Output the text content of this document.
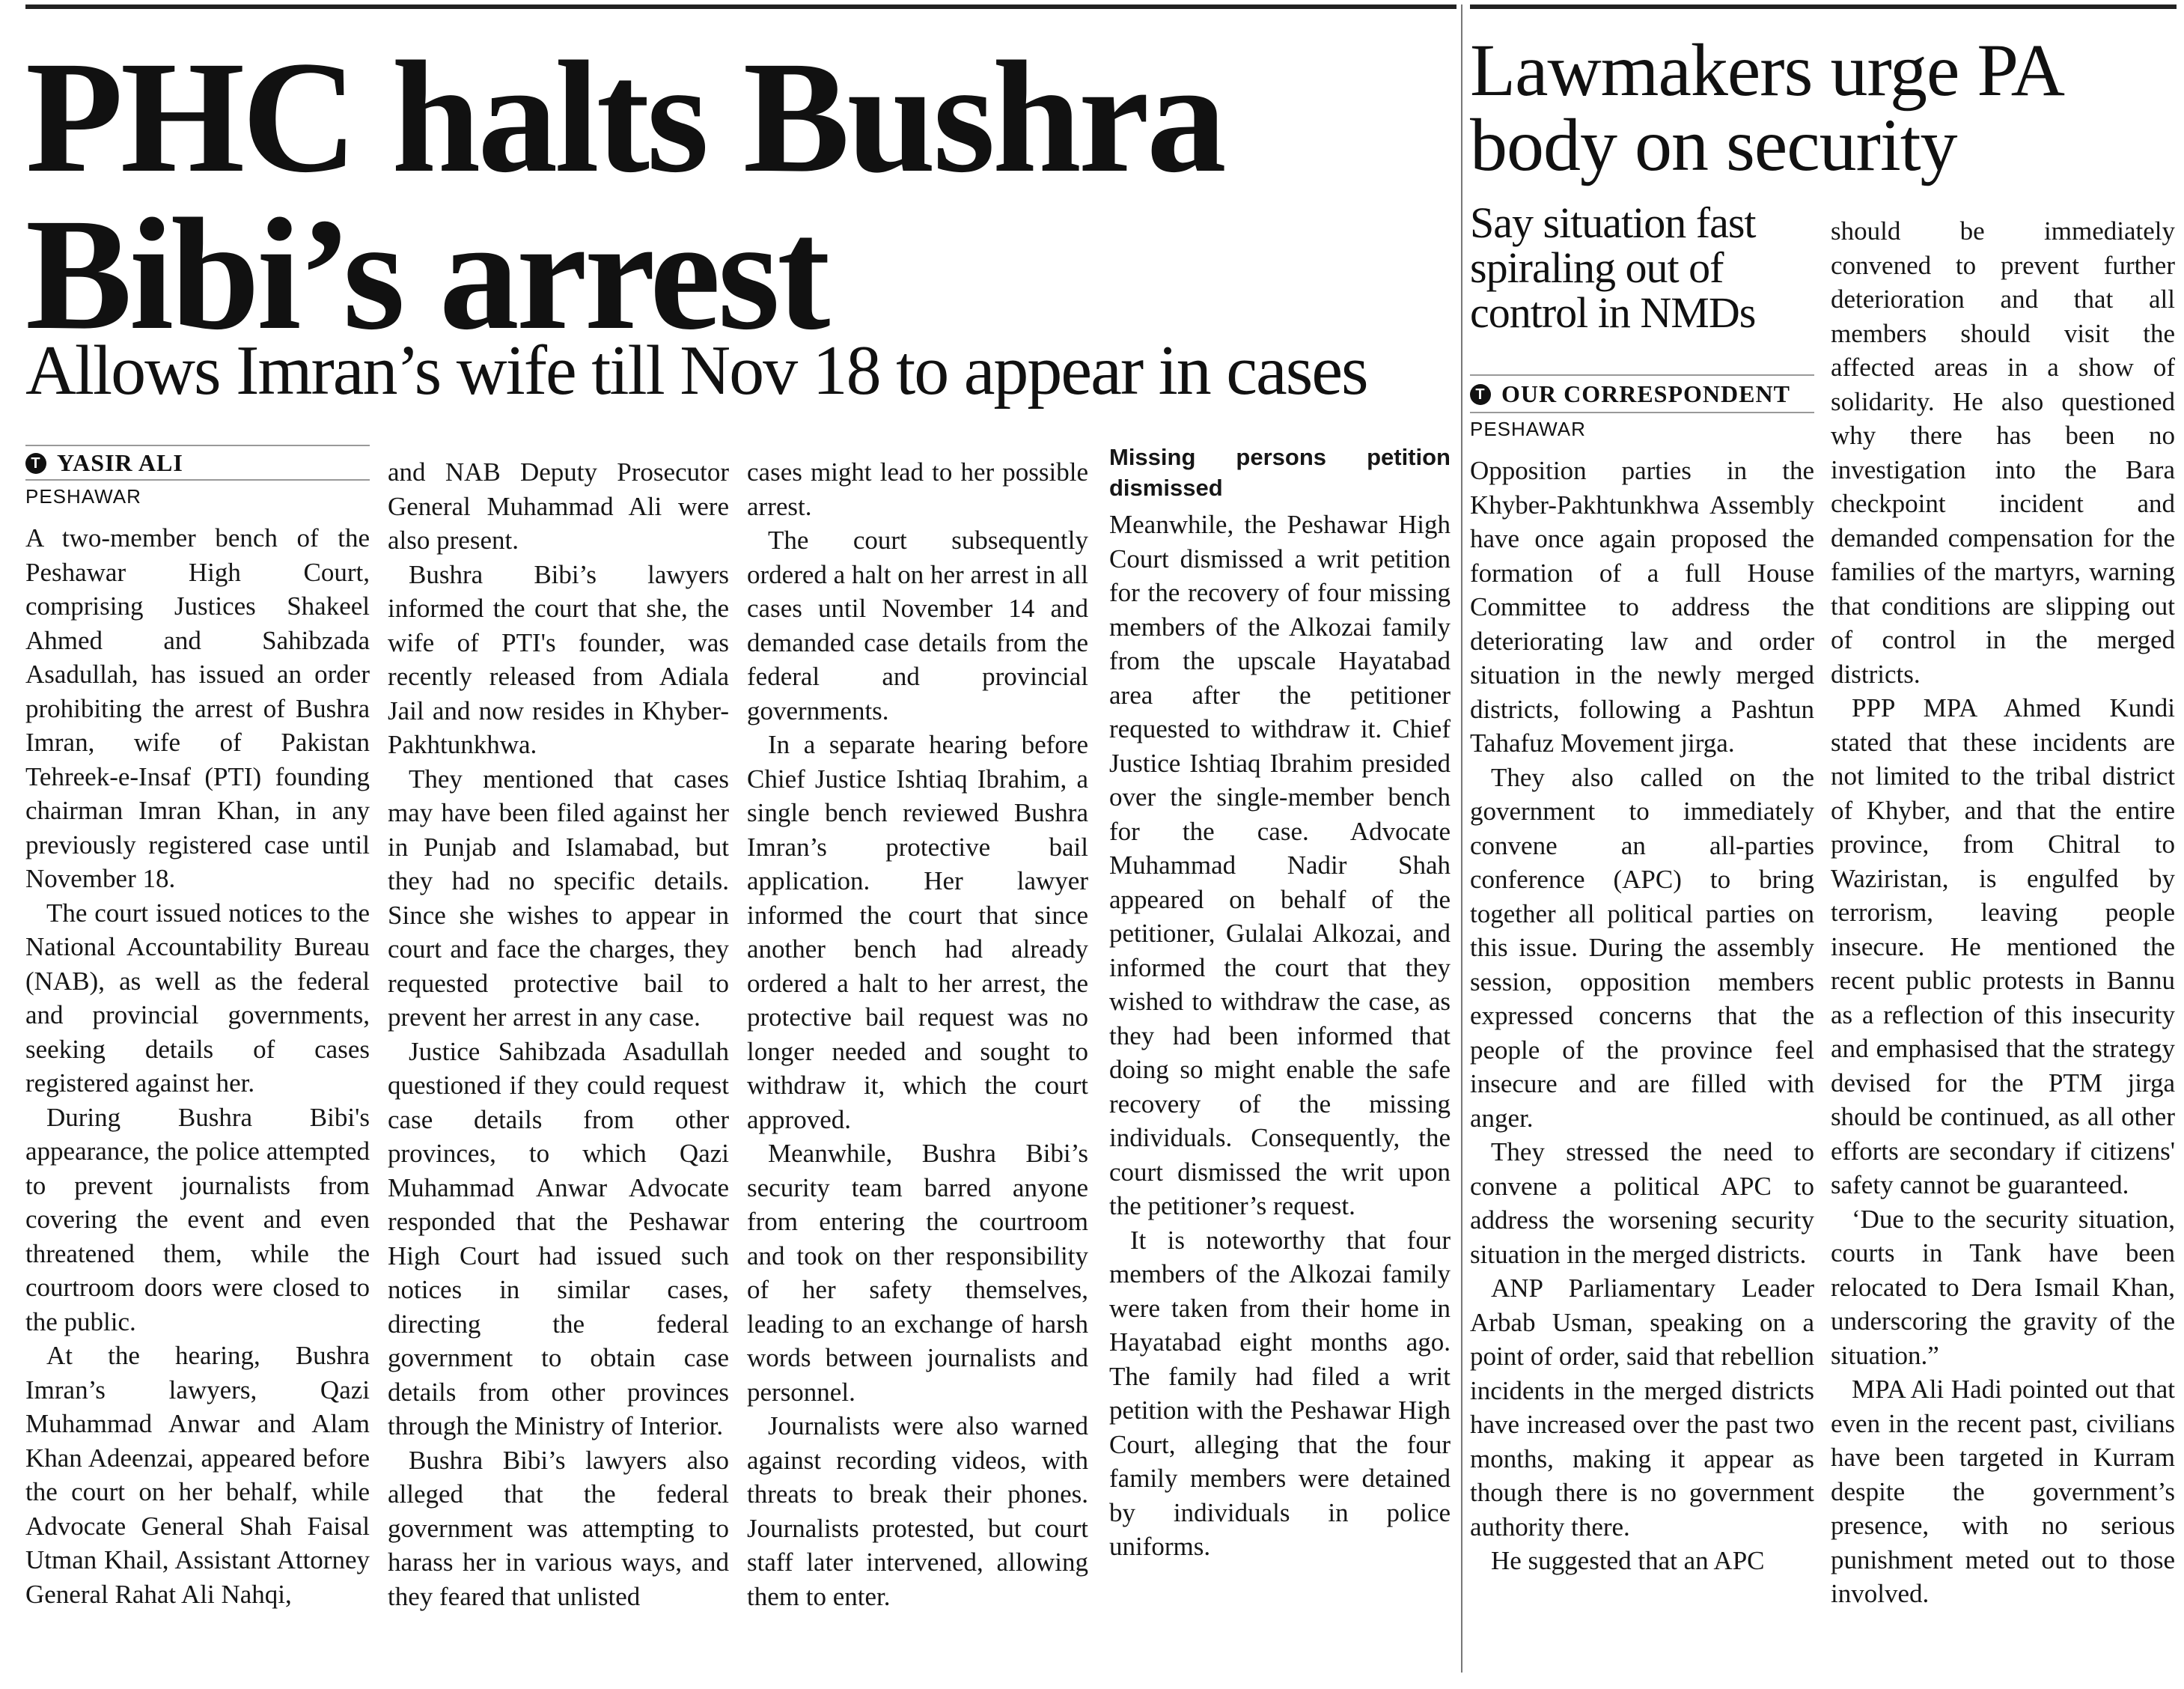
PHC halts Bushra
Bibi’s arrest
Allows Imran’s wife till Nov 18 to appear in cases
T YASIR ALI
PESHAWAR

A two-member bench of the Peshawar High Court, comprising Justices Shakeel Ahmed and Sahibzada Asadullah, has issued an order prohibiting the arrest of Bushra Imran, wife of Pakistan Tehreek-e-Insaf (PTI) founding chairman Imran Khan, in any previously registered case until November 18.

The court issued notices to the National Accountability Bureau (NAB), as well as the federal and provincial governments, seeking details of cases registered against her.

During Bushra Bibi's appearance, the police attempted to prevent journalists from covering the event and even threatened them, while the courtroom doors were closed to the public.

At the hearing, Bushra Imran’s lawyers, Qazi Muhammad Anwar and Alam Khan Adeenzai, appeared before the court on her behalf, while Advocate General Shah Faisal Utman Khail, Assistant Attorney General Rahat Ali Nahqi,

and NAB Deputy Prosecutor General Muhammad Ali were also present.

Bushra Bibi’s lawyers informed the court that she, the wife of PTI's founder, was recently released from Adiala Jail and now resides in Khyber-Pakhtunkhwa.

They mentioned that cases may have been filed against her in Punjab and Islamabad, but they had no specific details. Since she wishes to appear in court and face the charges, they requested protective bail to prevent her arrest in any case.

Justice Sahibzada Asadullah questioned if they could request case details from other provinces, to which Qazi Muhammad Anwar Advocate responded that the Peshawar High Court had issued such notices in similar cases, directing the federal government to obtain case details from other provinces through the Ministry of Interior.

Bushra Bibi’s lawyers also alleged that the federal government was attempting to harass her in various ways, and they feared that unlisted

cases might lead to her possible arrest.

The court subsequently ordered a halt on her arrest in all cases until November 14 and demanded case details from the federal and provincial governments.

In a separate hearing before Chief Justice Ishtiaq Ibrahim, a single bench reviewed Bushra Imran’s protective bail application. Her lawyer informed the court that since another bench had already ordered a halt to her arrest, the protective bail request was no longer needed and sought to withdraw it, which the court approved.

Meanwhile, Bushra Bibi’s security team barred anyone from entering the courtroom and took on ther responsibility of her safety themselves, leading to an exchange of harsh words between journalists and personnel.

Journalists were also warned against recording videos, with threats to break their phones. Journalists protested, but court staff later intervened, allowing them to enter.

Missing persons petition dismissed

Meanwhile, the Peshawar High Court dismissed a writ petition for the recovery of four missing members of the Alkozai family from the upscale Hayatabad area after the petitioner requested to withdraw it. Chief Justice Ishtiaq Ibrahim presided over the single-member bench for the case. Advocate Muhammad Nadir Shah appeared on behalf of the petitioner, Gulalai Alkozai, and informed the court that they wished to withdraw the case, as they had been informed that doing so might enable the safe recovery of the missing individuals. Consequently, the court dismissed the writ upon the petitioner’s request.

It is noteworthy that four members of the Alkozai family were taken from their home in Hayatabad eight months ago. The family had filed a writ petition with the Peshawar High Court, alleging that the four family members were detained by individuals in police uniforms.

Lawmakers urge PA
body on security
Say situation fast
spiraling out of
control in NMDs
T OUR CORRESPONDENT
PESHAWAR

Opposition parties in the Khyber-Pakhtunkhwa Assembly have once again proposed the formation of a full House Committee to address the deteriorating law and order situation in the newly merged districts, following a Pashtun Tahafuz Movement jirga.

They also called on the government to immediately convene an all-parties conference (APC) to bring together all political parties on this issue. During the assembly session, opposition members expressed concerns that the people of the province feel insecure and are filled with anger.

They stressed the need to convene a political APC to address the worsening security situation in the merged districts.

ANP Parliamentary Leader Arbab Usman, speaking on a point of order, said that rebellion incidents in the merged districts have increased over the past two months, making it appear as though there is no government authority there.

He suggested that an APC

should be immediately convened to prevent further deterioration and that all members should visit the affected areas in a show of solidarity. He also questioned why there has been no investigation into the Bara checkpoint incident and demanded compensation for the families of the martyrs, warning that conditions are slipping out of control in the merged districts.

PPP MPA Ahmed Kundi stated that these incidents are not limited to the tribal district of Khyber, and that the entire province, from Chitral to Waziristan, is engulfed by terrorism, leaving people insecure. He mentioned the recent public protests in Bannu as a reflection of this insecurity and emphasised that the strategy devised for the PTM jirga should be continued, as all other efforts are secondary if citizens' safety cannot be guaranteed.

‘Due to the security situation, courts in Tank have been relocated to Dera Ismail Khan, underscoring the gravity of the situation.”

MPA Ali Hadi pointed out that even in the recent past, civilians have been targeted in Kurram despite the government’s presence, with no serious punishment meted out to those involved.
